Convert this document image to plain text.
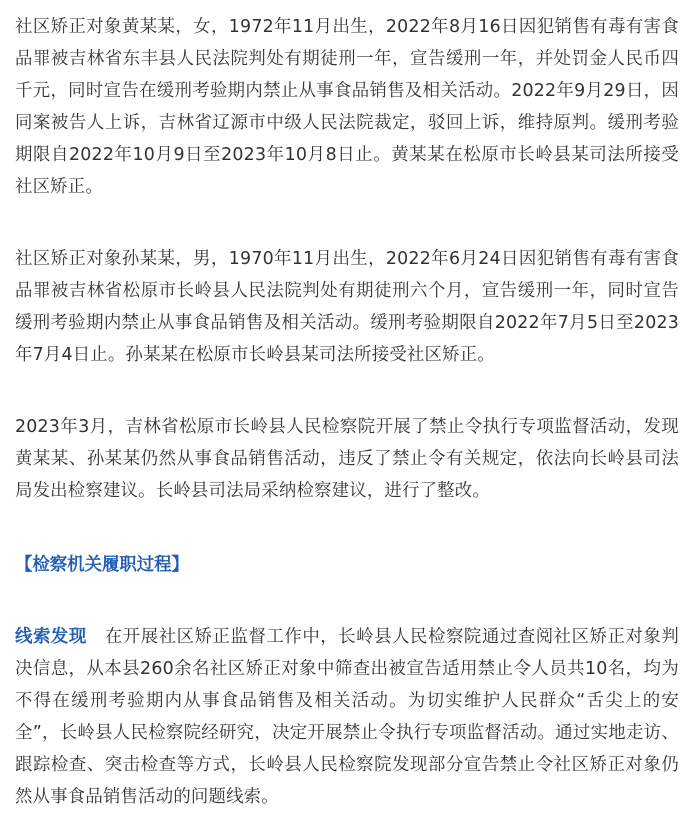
社区矫正对象黄某某，女，1972年11月出生，2022年8月16日因犯销售有毒有害食品罪被吉林省东丰县人民法院判处有期徒刑一年，宣告缓刑一年，并处罚金人民币四千元，同时宣告在缓刑考验期内禁止从事食品销售及相关活动。2022年9月29日，因同案被告人上诉，吉林省辽源市中级人民法院裁定，驳回上诉，维持原判。缓刑考验期限自2022年10月9日至2023年10月8日止。黄某某在松原市长岭县某司法所接受社区矫正。

社区矫正对象孙某某，男，1970年11月出生，2022年6月24日因犯销售有毒有害食品罪被吉林省松原市长岭县人民法院判处有期徒刑六个月，宣告缓刑一年，同时宣告缓刑考验期内禁止从事食品销售及相关活动。缓刑考验期限自2022年7月5日至2023年7月4日止。孙某某在松原市长岭县某司法所接受社区矫正。

2023年3月，吉林省松原市长岭县人民检察院开展了禁止令执行专项监督活动，发现黄某某、孙某某仍然从事食品销售活动，违反了禁止令有关规定，依法向长岭县司法局发出检察建议。长岭县司法局采纳检察建议，进行了整改。

【检察机关履职过程】

线索发现 在开展社区矫正监督工作中，长岭县人民检察院通过查阅社区矫正对象判决信息，从本县260余名社区矫正对象中筛查出被宣告适用禁止令人员共10名，均为不得在缓刑考验期内从事食品销售及相关活动。为切实维护人民群众“舌尖上的安全”，长岭县人民检察院经研究，决定开展禁止令执行专项监督活动。通过实地走访、跟踪检查、突击检查等方式，长岭县人民检察院发现部分宣告禁止令社区矫正对象仍然从事食品销售活动的问题线索。
